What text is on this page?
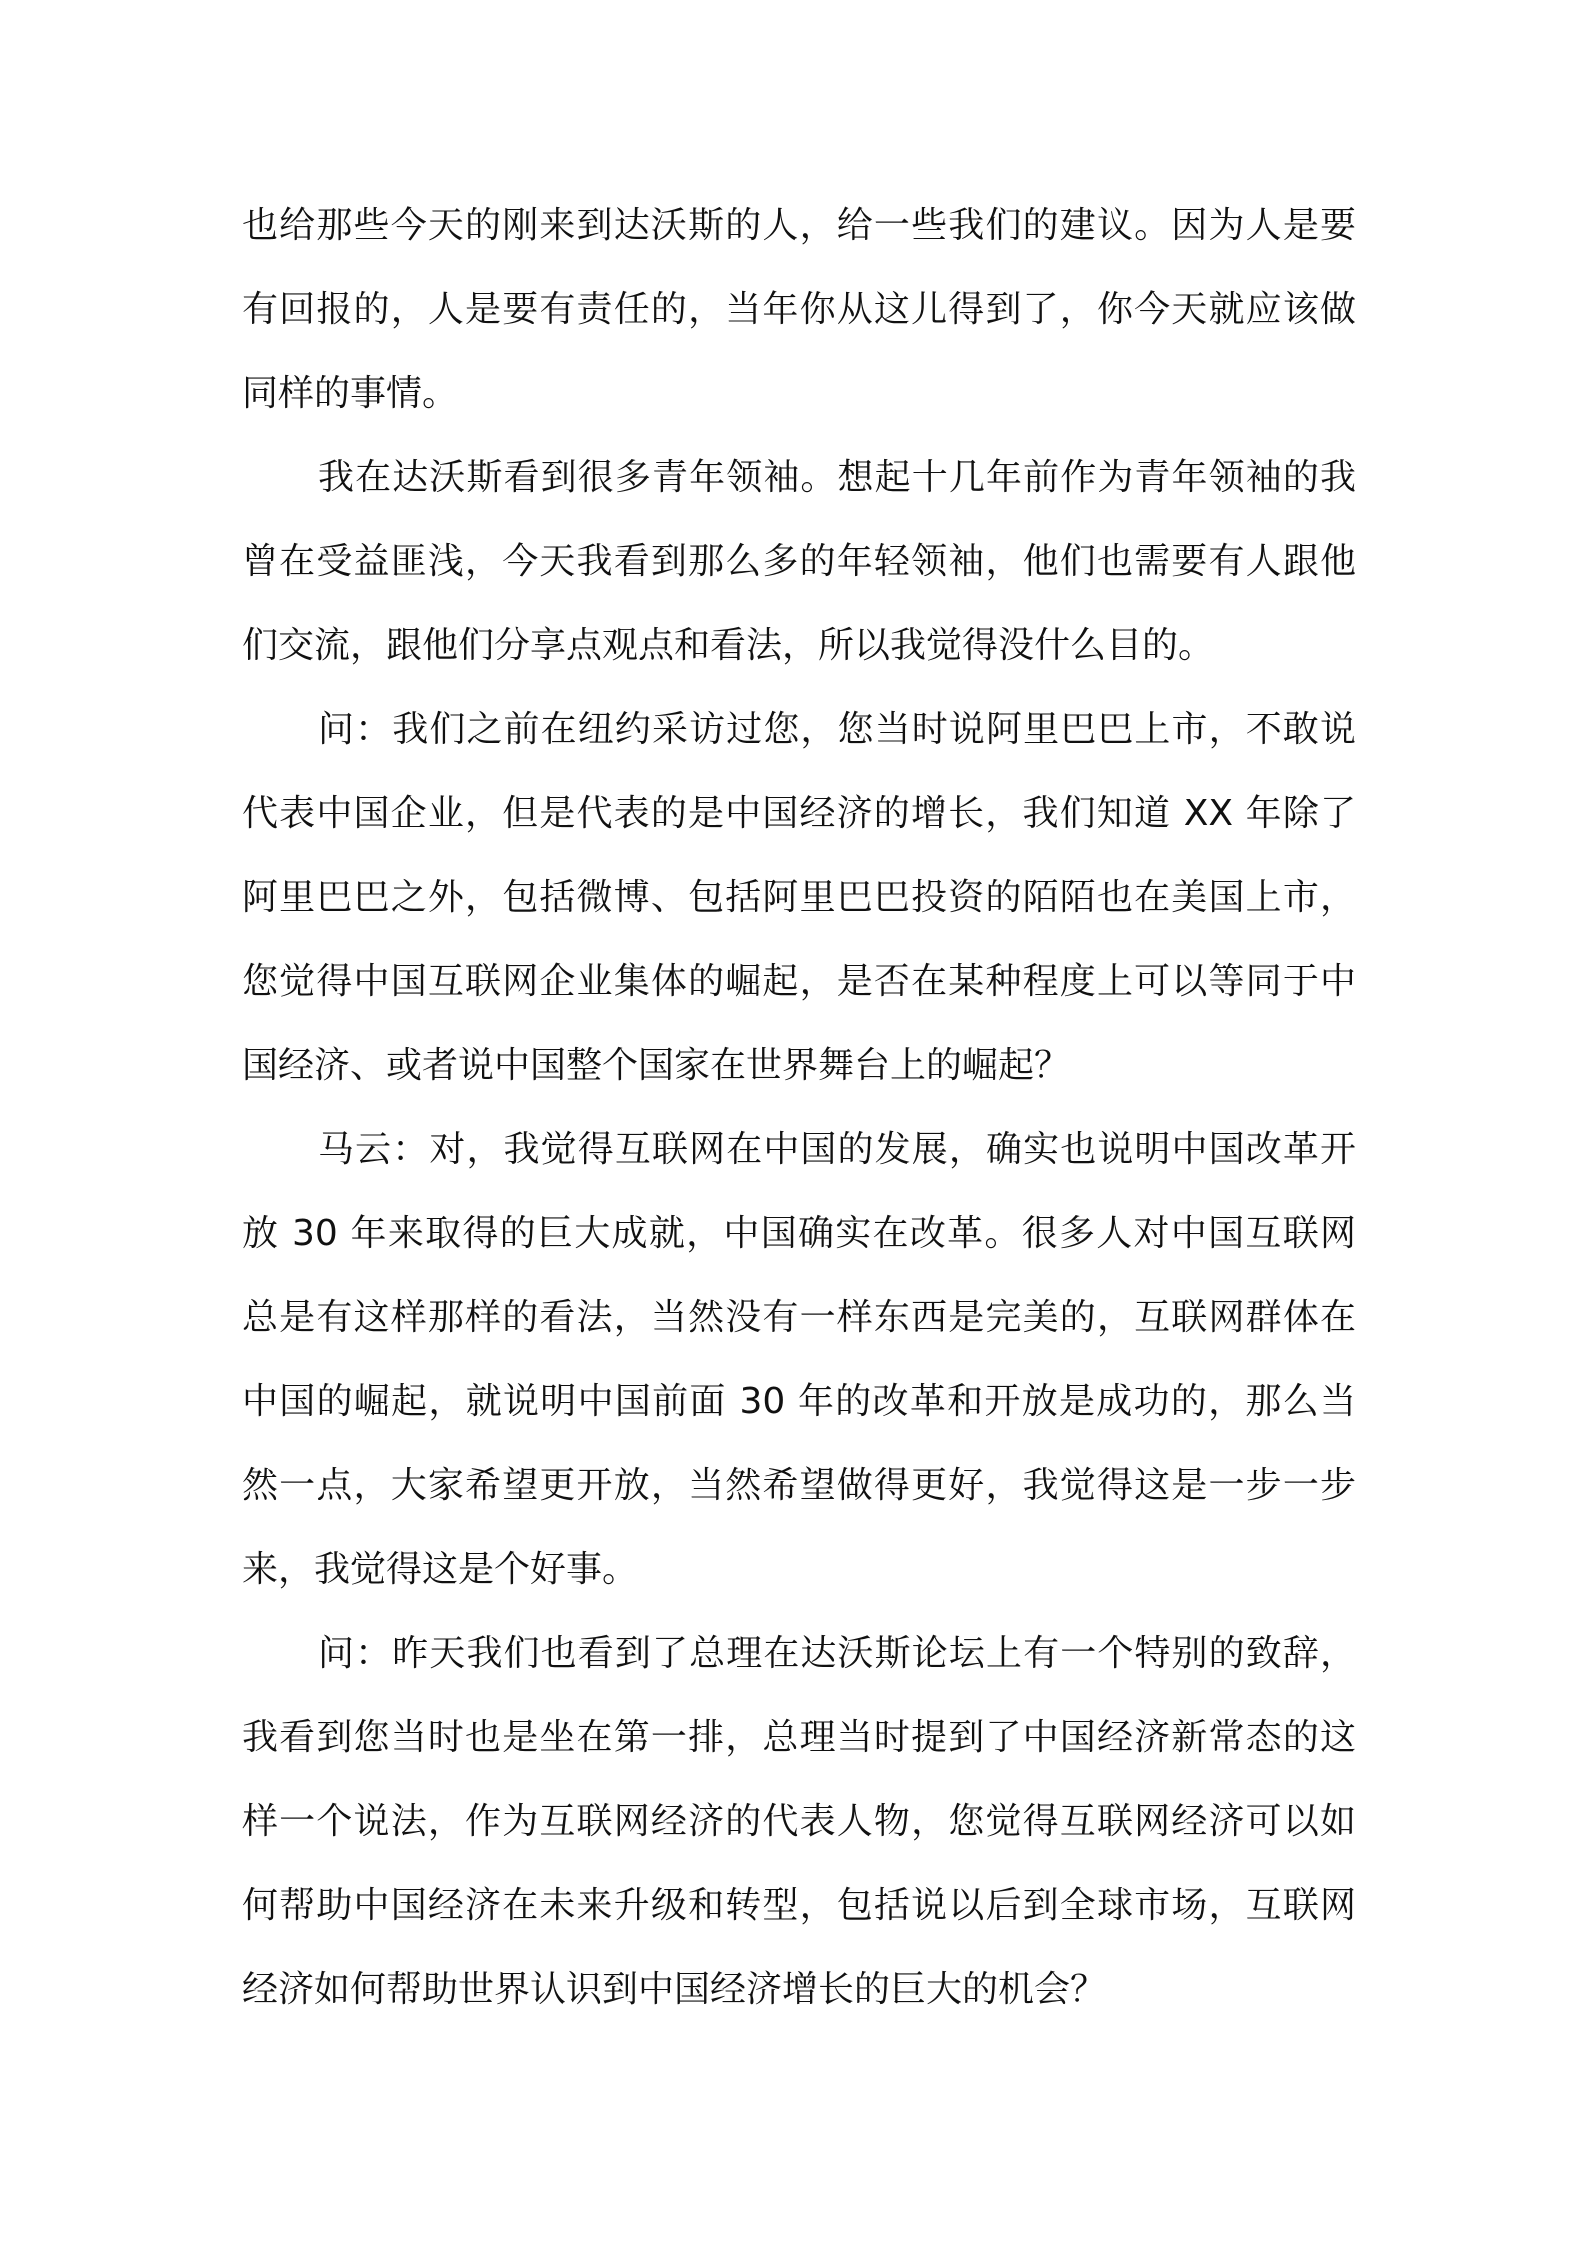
也给那些今天的刚来到达沃斯的人，给一些我们的建议。因为人是要
有回报的，人是要有责任的，当年你从这儿得到了，你今天就应该做
同样的事情。
我在达沃斯看到很多青年领袖。想起十几年前作为青年领袖的我
曾在受益匪浅，今天我看到那么多的年轻领袖，他们也需要有人跟他
们交流，跟他们分享点观点和看法，所以我觉得没什么目的。
问：我们之前在纽约采访过您，您当时说阿里巴巴上市，不敢说
代表中国企业，但是代表的是中国经济的增长，我们知道 XX 年除了
阿里巴巴之外，包括微博、包括阿里巴巴投资的陌陌也在美国上市，
您觉得中国互联网企业集体的崛起，是否在某种程度上可以等同于中
国经济、或者说中国整个国家在世界舞台上的崛起？
马云：对，我觉得互联网在中国的发展，确实也说明中国改革开
放 30 年来取得的巨大成就，中国确实在改革。很多人对中国互联网
总是有这样那样的看法，当然没有一样东西是完美的，互联网群体在
中国的崛起，就说明中国前面 30 年的改革和开放是成功的，那么当
然一点，大家希望更开放，当然希望做得更好，我觉得这是一步一步
来，我觉得这是个好事。
问：昨天我们也看到了总理在达沃斯论坛上有一个特别的致辞，
我看到您当时也是坐在第一排，总理当时提到了中国经济新常态的这
样一个说法，作为互联网经济的代表人物，您觉得互联网经济可以如
何帮助中国经济在未来升级和转型，包括说以后到全球市场，互联网
经济如何帮助世界认识到中国经济增长的巨大的机会？
